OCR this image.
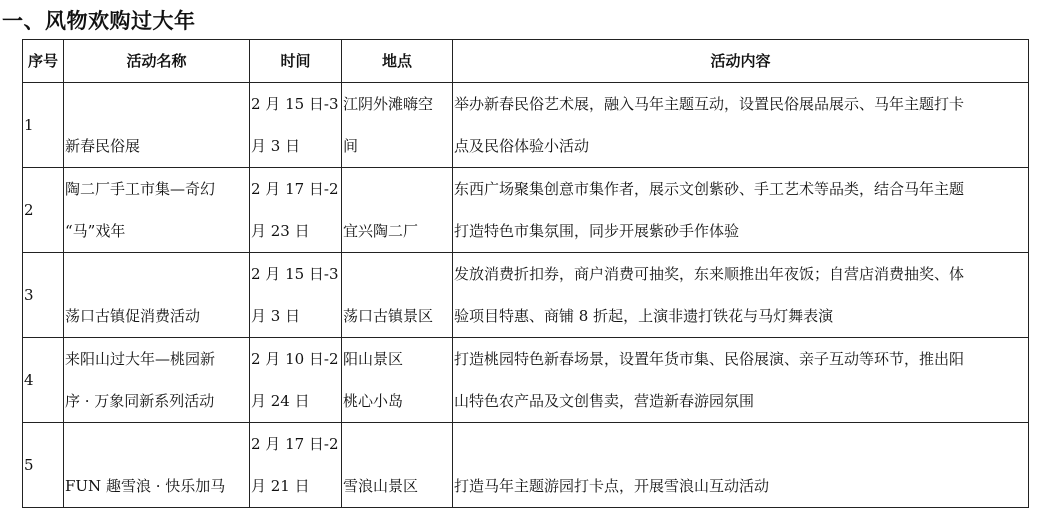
一、风物欢购过大年
序号	活动名称	时间	地点	活动内容

1	新春民俗展	2 月 15 日-3
月 3 日	江阴外滩嗨空
间	举办新春民俗艺术展，融入马年主题互动，设置民俗展品展示、马年主题打卡
点及民俗体验小活动

2	陶二厂手工市集—奇幻
“马”戏年	2 月 17 日-2
月 23 日	宜兴陶二厂	东西广场聚集创意市集作者，展示文创紫砂、手工艺术等品类，结合马年主题
打造特色市集氛围，同步开展紫砂手作体验

3	荡口古镇促消费活动	2 月 15 日-3
月 3 日	荡口古镇景区	发放消费折扣券，商户消费可抽奖，东来顺推出年夜饭；自营店消费抽奖、体
验项目特惠、商铺 8 折起，上演非遗打铁花与马灯舞表演

4	来阳山过大年—桃园新
序 · 万象同新系列活动	2 月 10 日-2
月 24 日	阳山景区
桃心小岛	打造桃园特色新春场景，设置年货市集、民俗展演、亲子互动等环节，推出阳
山特色农产品及文创售卖，营造新春游园氛围

5	FUN 趣雪浪 · 快乐加马	2 月 17 日-2
月 21 日	雪浪山景区	打造马年主题游园打卡点，开展雪浪山互动活动
